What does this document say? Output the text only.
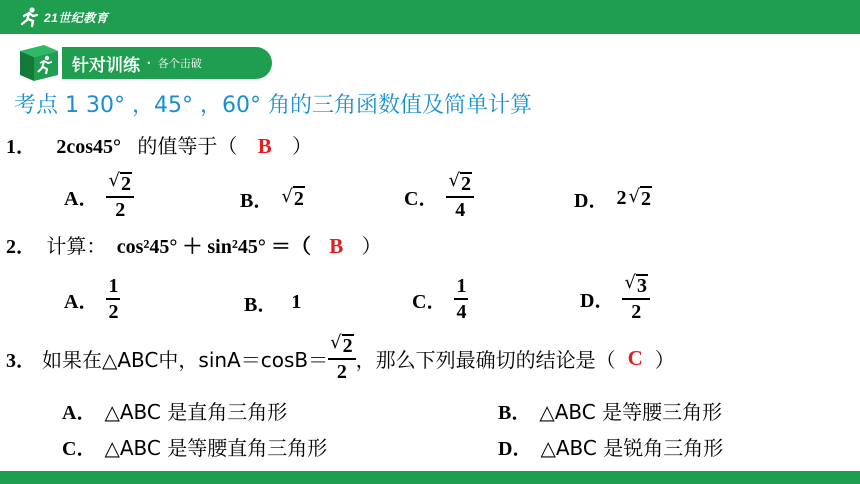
21世纪教育
针对训练 · 各个击破
考点 1 30° ，45° ，60° 角的三角函数值及简单计算
1． 2cos45° 的值等于（ B ）
A． $\frac{√ 2}{2}$	B． √ 2	C． $\frac{√ 2}{4}$	D． 2 √ 2
2． 计算： cos²45° ＋ sin²45° ＝（ B ）
A． $\frac{1}{2}$	B． 1	C． $\frac{1}{4}$	D． $\frac{√ 3}{2}$
3． 如果在△ABC中，$\sin A=\cos B= \frac{√ 2}{2}$ ，那么下列最确切的结论是（ C ）
A． △ABC 是直角三角形	B． △ABC 是等腰三角形
C． △ABC 是等腰直角三角形	D． △ABC 是锐角三角形
